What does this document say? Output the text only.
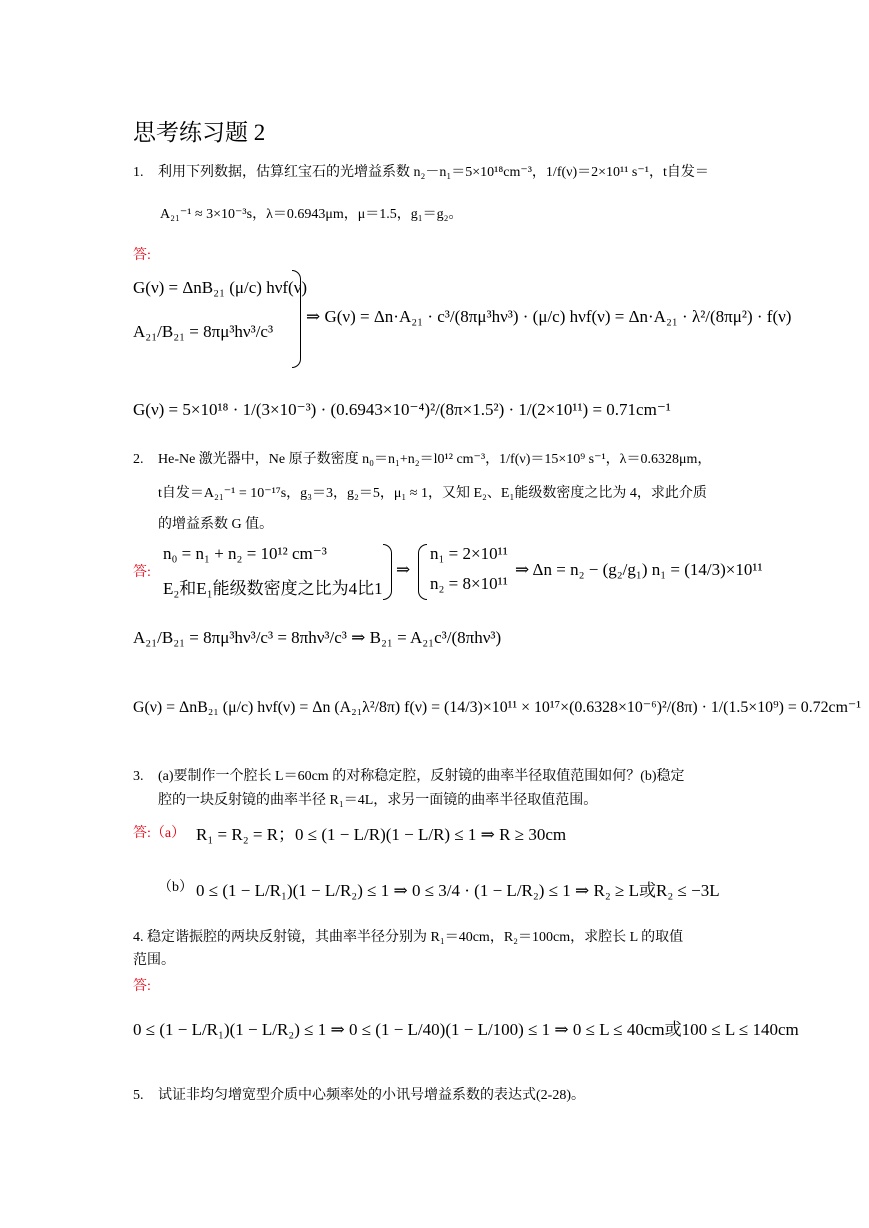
思考练习题 2
1. 利用下列数据，估算红宝石的光增益系数 n₂－n₁＝5×10¹⁸cm⁻³，1/f(ν)＝2×10¹¹ s⁻¹，t自发＝
A₂₁⁻¹ ≈ 3×10⁻³s，λ＝0.6943μm，μ＝1.5，g₁＝g₂。
答:
G(ν) = ΔnB₂₁ (μ/c) hνf(ν)
A₂₁/B₂₁ = 8πμ³hν³/c³
⇒ G(ν) = Δn·A₂₁ · c³/(8πμ³hν³) · (μ/c) hνf(ν) = Δn·A₂₁ · λ²/(8πμ²) · f(ν)
G(ν) = 5×10¹⁸ · 1/(3×10⁻³) · (0.6943×10⁻⁴)²/(8π×1.5²) · 1/(2×10¹¹) = 0.71cm⁻¹
2. He-Ne 激光器中，Ne 原子数密度 n₀＝n₁+n₂＝l0¹² cm⁻³，1/f(ν)＝15×10⁹ s⁻¹，λ＝0.6328μm，
t自发＝A₂₁⁻¹ = 10⁻¹⁷s，g₃＝3，g₂＝5，μ₁ ≈ 1，又知 E₂、E₁能级数密度之比为 4，求此介质
的增益系数 G 值。
答:
n₀ = n₁ + n₂ = 10¹² cm⁻³
E₂和E₁能级数密度之比为4比1
⇒
n₁ = 2×10¹¹
n₂ = 8×10¹¹
⇒ Δn = n₂ − (g₂/g₁) n₁ = (14/3)×10¹¹
A₂₁/B₂₁ = 8πμ³hν³/c³ = 8πhν³/c³ ⇒ B₂₁ = A₂₁c³/(8πhν³)
G(ν) = ΔnB₂₁ (μ/c) hνf(ν) = Δn (A₂₁λ²/8π) f(ν) = (14/3)×10¹¹ × 10¹⁷×(0.6328×10⁻⁶)²/(8π) · 1/(1.5×10⁹) = 0.72cm⁻¹
3. (a)要制作一个腔长 L＝60cm 的对称稳定腔，反射镜的曲率半径取值范围如何？(b)稳定
腔的一块反射镜的曲率半径 R₁＝4L，求另一面镜的曲率半径取值范围。
答:（a） R₁ = R₂ = R；0 ≤ (1 − L/R)(1 − L/R) ≤ 1 ⇒ R ≥ 30cm
（b） 0 ≤ (1 − L/R₁)(1 − L/R₂) ≤ 1 ⇒ 0 ≤ 3/4 · (1 − L/R₂) ≤ 1 ⇒ R₂ ≥ L或R₂ ≤ −3L
4. 稳定谐振腔的两块反射镜，其曲率半径分别为 R₁＝40cm，R₂＝100cm，求腔长 L 的取值
范围。
答:
0 ≤ (1 − L/R₁)(1 − L/R₂) ≤ 1 ⇒ 0 ≤ (1 − L/40)(1 − L/100) ≤ 1 ⇒ 0 ≤ L ≤ 40cm或100 ≤ L ≤ 140cm
5. 试证非均匀增宽型介质中心频率处的小讯号增益系数的表达式(2-28)。
